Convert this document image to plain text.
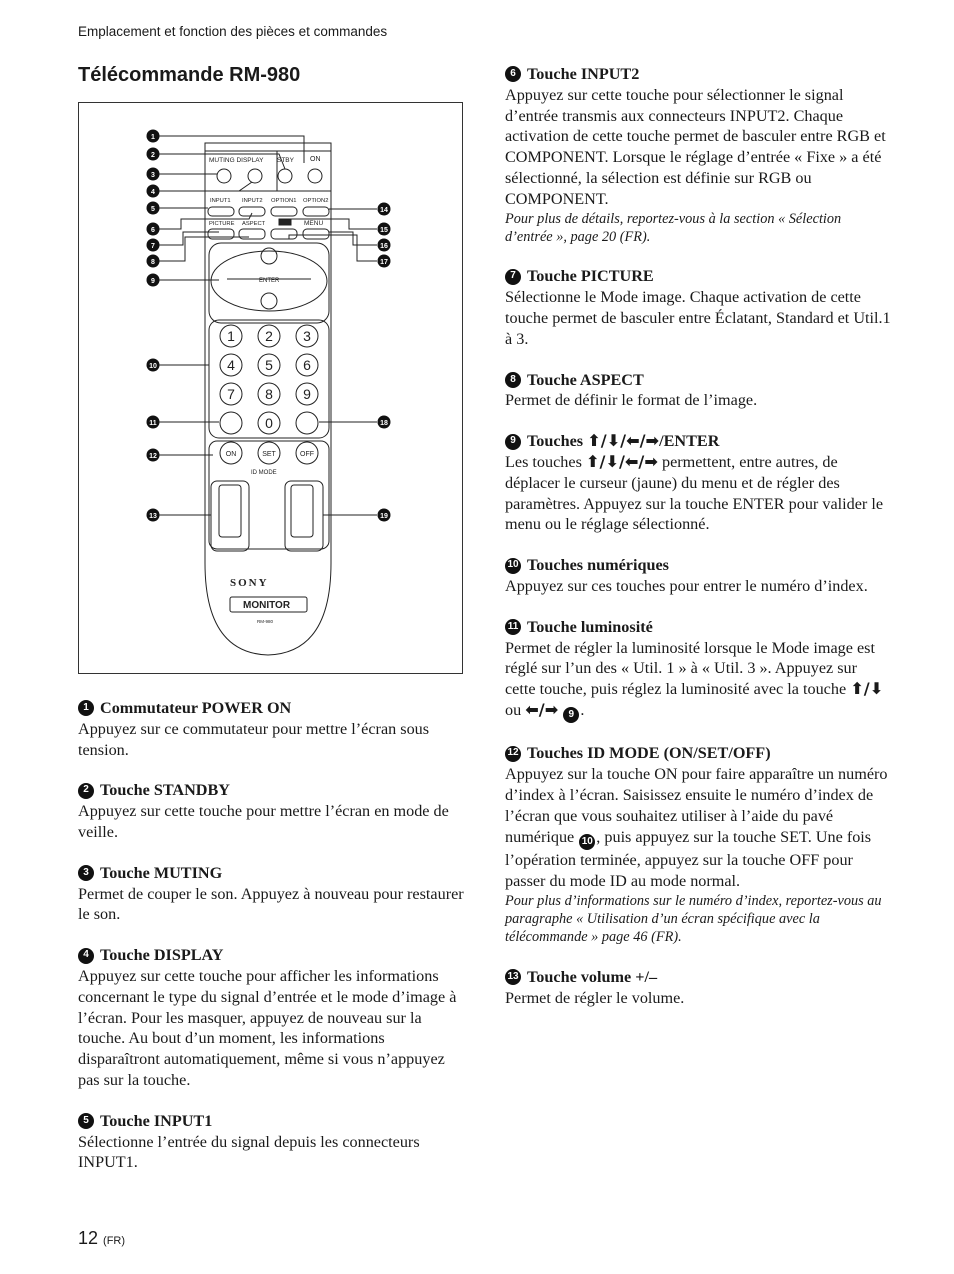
Emplacement et fonction des pièces et commandes
Télécommande RM-980
MUTING DISPLAY STBY ON
INPUT1 INPUT2 OPTION1 OPTION2
PICTURE ASPECT	MENU
ENTER
SONY
MONITOR
RM-980
ID MODE
1 2 3
4 5 6
7 8 9
0
ON	SET	OFF
1
2
3
4
5
6
7
8
9
10
11
12
13
14
15
16
17
18
19
1 Commutateur POWER ON

Appuyez sur ce commutateur pour mettre l’écran sous tension.

2 Touche STANDBY

Appuyez sur cette touche pour mettre l’écran en mode de veille.

3 Touche MUTING

Permet de couper le son. Appuyez à nouveau pour restaurer le son.

4 Touche DISPLAY

Appuyez sur cette touche pour afficher les informations concernant le type du signal d’entrée et le mode d’image à l’écran. Pour les masquer, appuyez de nouveau sur la touche. Au bout d’un moment, les informations disparaîtront automatiquement, même si vous n’appuyez pas sur la touche.

5 Touche INPUT1

Sélectionne l’entrée du signal depuis les connecteurs INPUT1.

6 Touche INPUT2

Appuyez sur cette touche pour sélectionner le signal d’entrée transmis aux connecteurs INPUT2. Chaque activation de cette touche permet de basculer entre RGB et COMPONENT. Lorsque le réglage d’entrée « Fixe » a été sélectionné, la sélection est définie sur RGB ou COMPONENT.

Pour plus de détails, reportez-vous à la section « Sélection d’entrée », page 20 (FR).

7 Touche PICTURE

Sélectionne le Mode image. Chaque activation de cette touche permet de basculer entre Éclatant, Standard et Util.1 à 3.

8 Touche ASPECT

Permet de définir le format de l’image.

9 Touches ⬆/⬇/⬅/➡/ENTER

Les touches ⬆/⬇/⬅/➡ permettent, entre autres, de déplacer le curseur (jaune) du menu et de régler des paramètres. Appuyez sur la touche ENTER pour valider le menu ou le réglage sélectionné.

10 Touches numériques

Appuyez sur ces touches pour entrer le numéro d’index.

11 Touche luminosité

Permet de régler la luminosité lorsque le Mode image est réglé sur l’un des « Util. 1 » à « Util. 3 ». Appuyez sur cette touche, puis réglez la luminosité avec la touche ⬆/⬇ ou ⬅/➡ 9 .

12 Touches ID MODE (ON/SET/OFF)

Appuyez sur la touche ON pour faire apparaître un numéro d’index à l’écran. Saisissez ensuite le numéro d’index de l’écran que vous souhaitez utiliser à l’aide du pavé numérique 10 , puis appuyez sur la touche SET. Une fois l’opération terminée, appuyez sur la touche OFF pour passer du mode ID au mode normal.

Pour plus d’informations sur le numéro d’index, reportez-vous au paragraphe « Utilisation d’un écran spécifique avec la télécommande » page 46 (FR).

13 Touche volume +/–

Permet de régler le volume.

12 (FR)
